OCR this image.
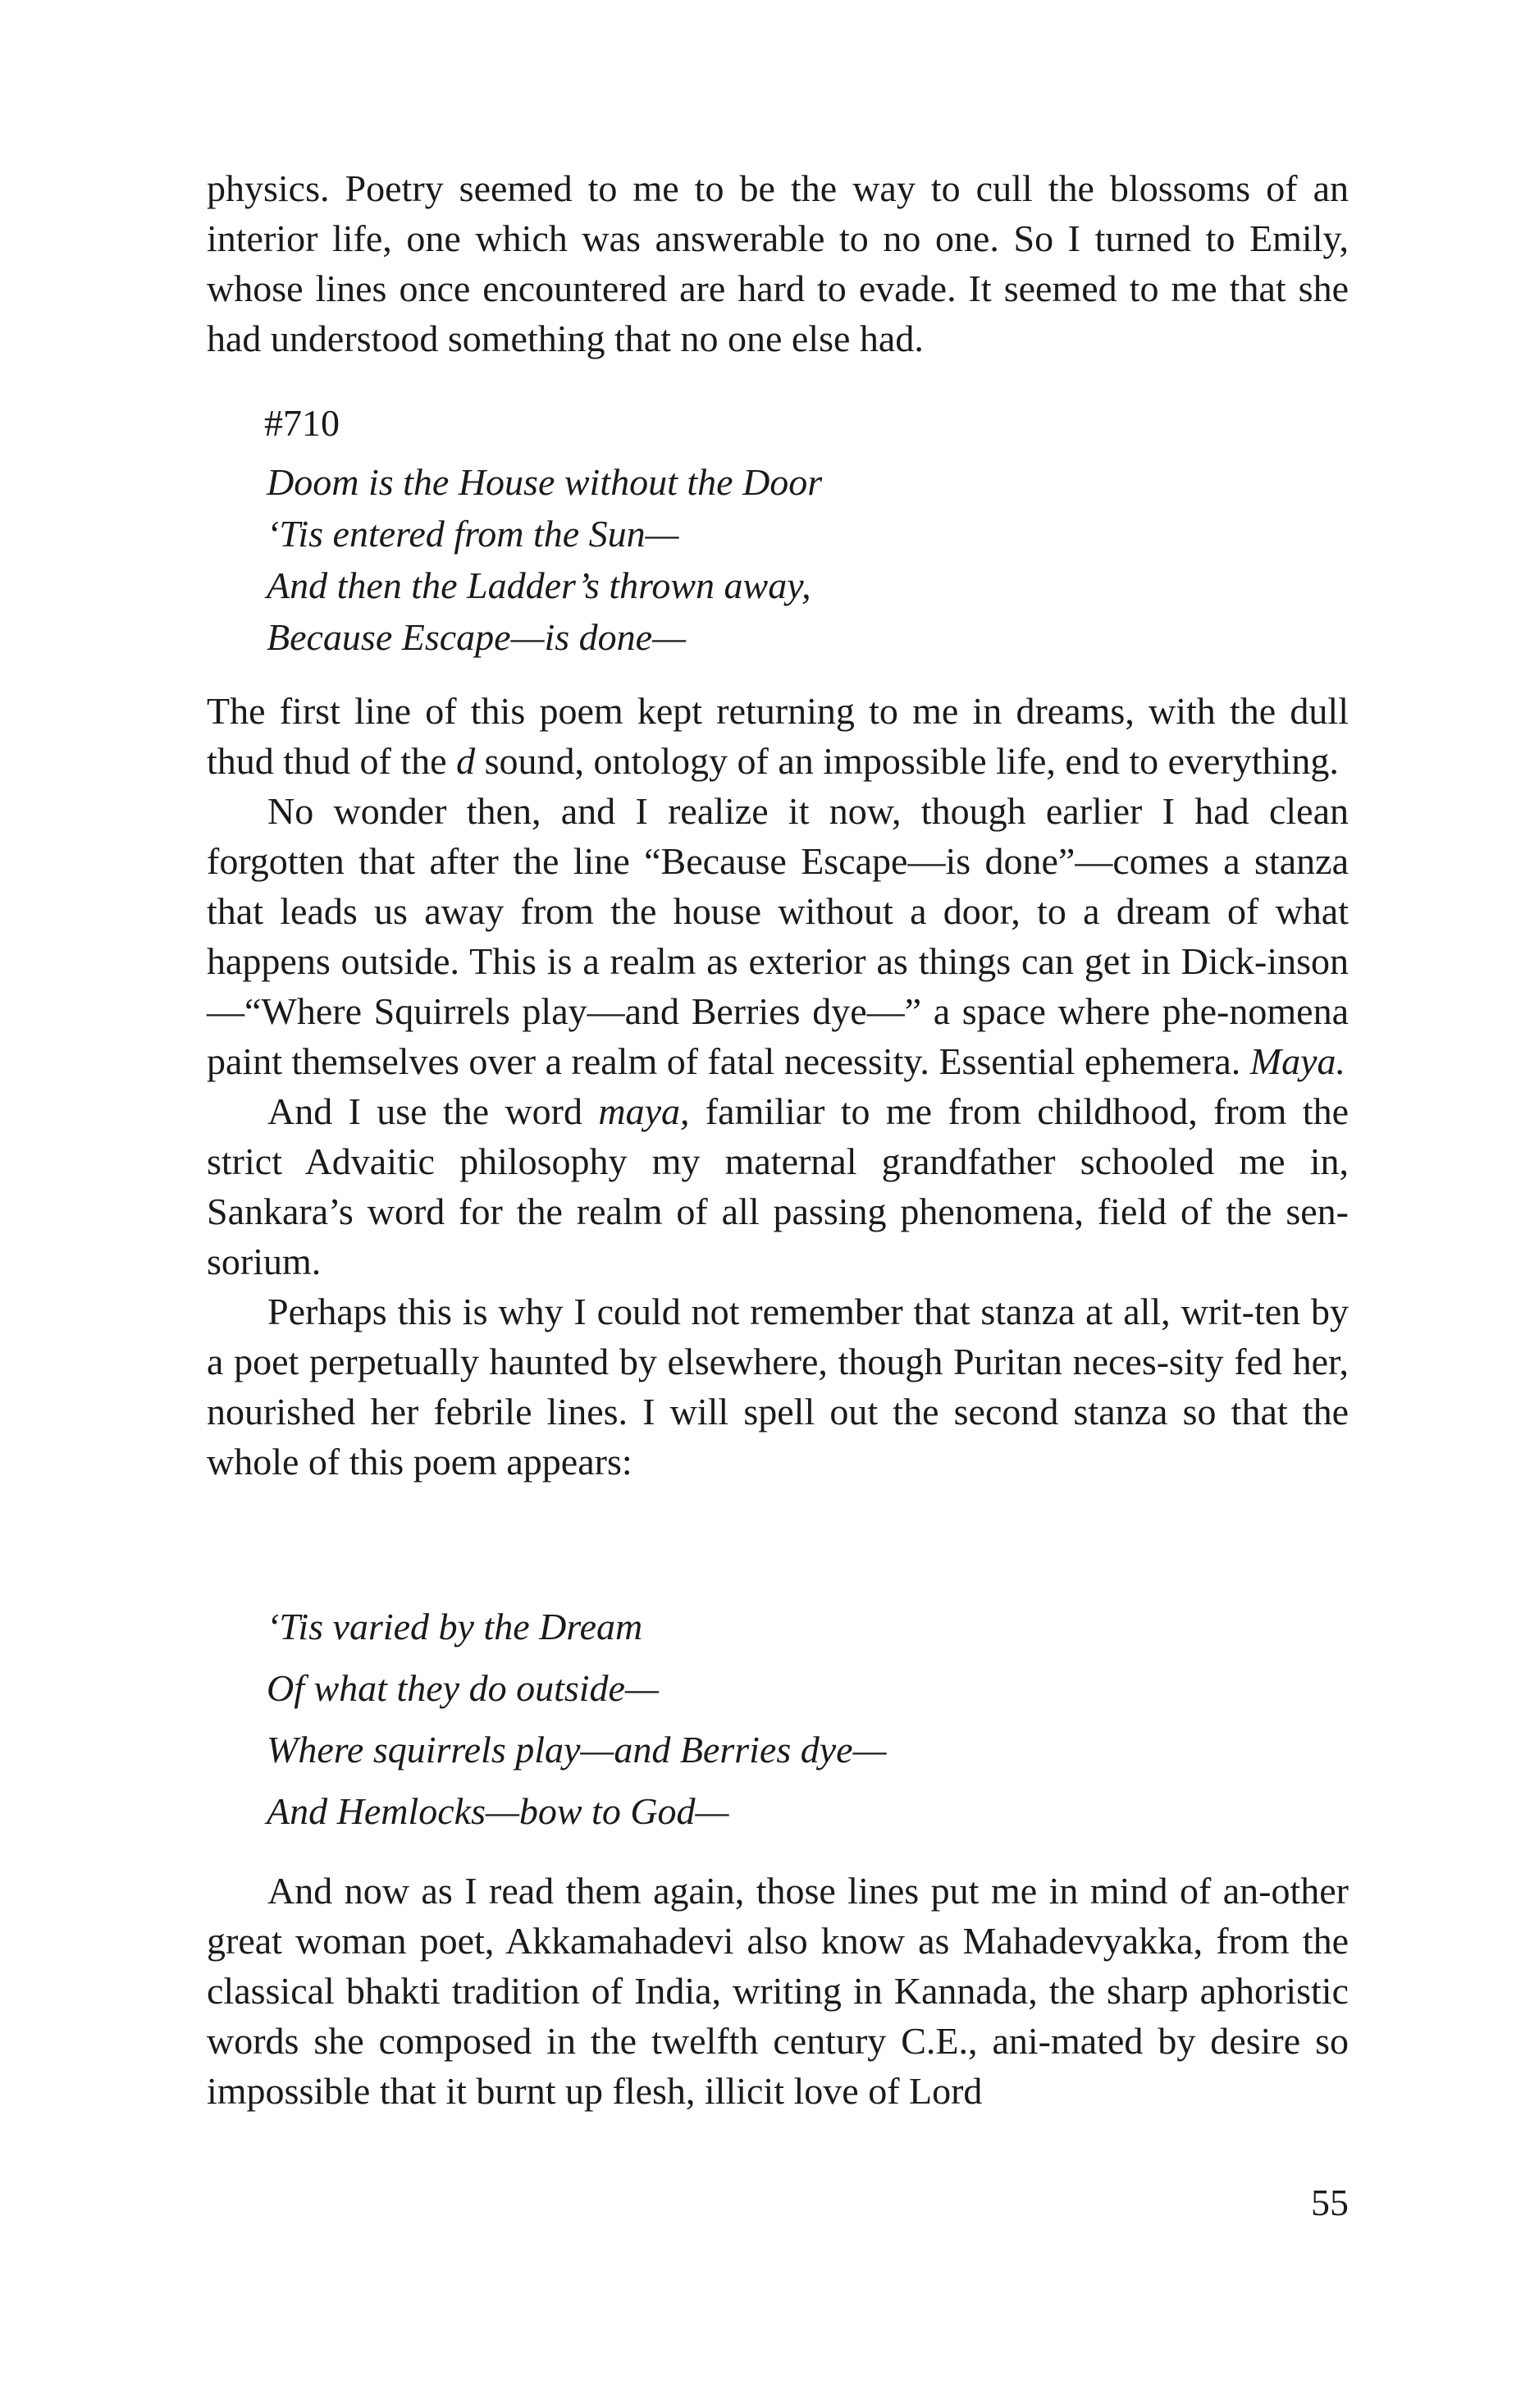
physics. Poetry seemed to me to be the way to cull the blossoms of an interior life, one which was answerable to no one. So I turned to Emily, whose lines once encountered are hard to evade. It seemed to me that she had understood something that no one else had.

#710
Doom is the House without the Door
‘Tis entered from the Sun—
And then the Ladder’s thrown away,
Because Escape—is done—

The first line of this poem kept returning to me in dreams, with the dull thud thud of the d sound, ontology of an impossible life, end to everything.

No wonder then, and I realize it now, though earlier I had clean forgotten that after the line “Because Escape—is done”—comes a stanza that leads us away from the house without a door, to a dream of what happens outside. This is a realm as exterior as things can get in Dick-inson—“Where Squirrels play—and Berries dye—” a space where phe-nomena paint themselves over a realm of fatal necessity. Essential ephemera. Maya.

And I use the word maya, familiar to me from childhood, from the strict Advaitic philosophy my maternal grandfather schooled me in, Sankara’s word for the realm of all passing phenomena, field of the sen-sorium.

Perhaps this is why I could not remember that stanza at all, writ-ten by a poet perpetually haunted by elsewhere, though Puritan neces-sity fed her, nourished her febrile lines. I will spell out the second stanza so that the whole of this poem appears:

‘Tis varied by the Dream
Of what they do outside—
Where squirrels play—and Berries dye—
And Hemlocks—bow to God—

And now as I read them again, those lines put me in mind of an-other great woman poet, Akkamahadevi also know as Mahadevyakka, from the classical bhakti tradition of India, writing in Kannada, the sharp aphoristic words she composed in the twelfth century C.E., ani-mated by desire so impossible that it burnt up flesh, illicit love of Lord

55
